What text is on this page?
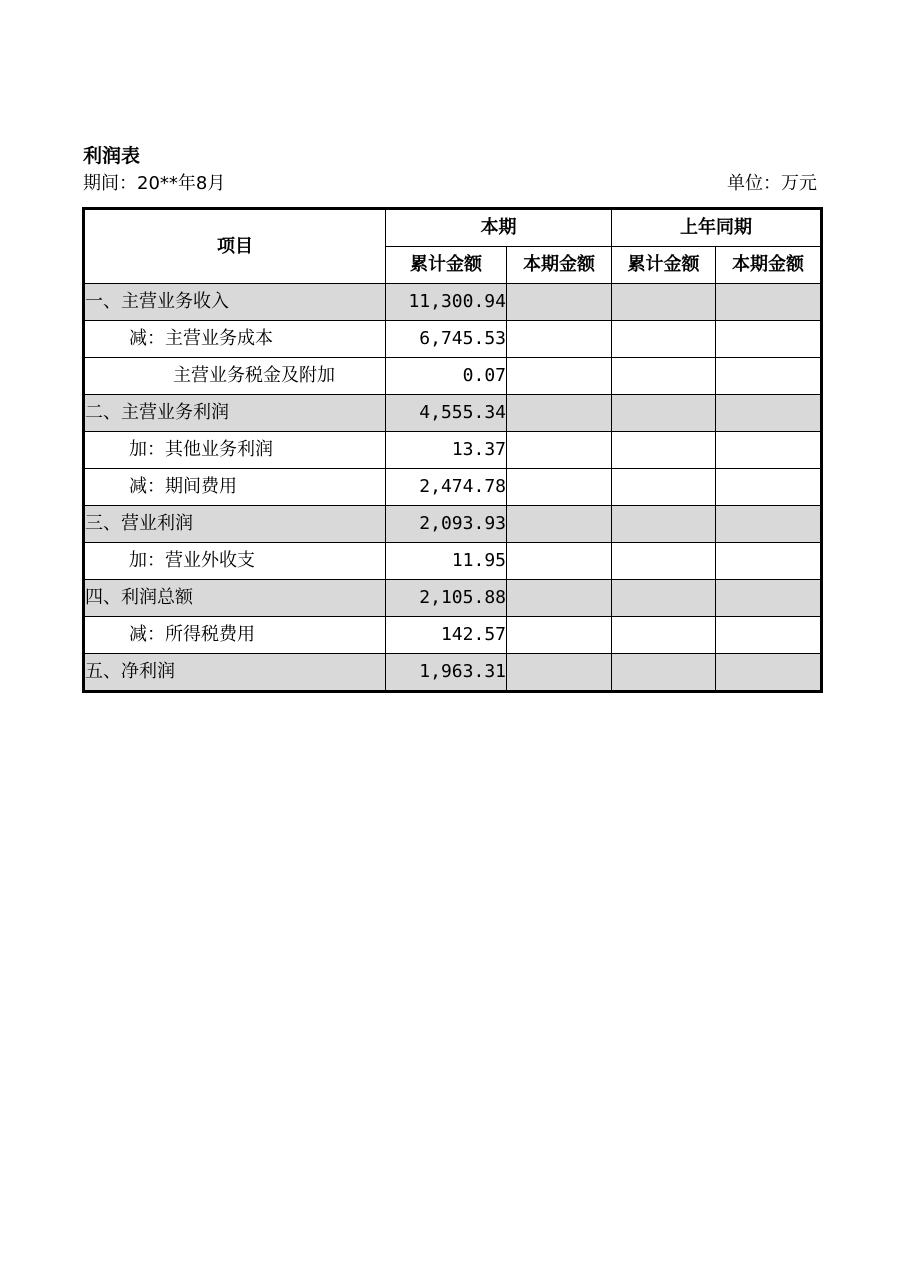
利润表
期间：20**年8月	单位：万元
项目	本期		上年同期	
	累计金额	本期金额	累计金额	本期金额
一、主营业务收入	11,300.94			
减：主营业务成本	6,745.53			
主营业务税金及附加	0.07			
二、主营业务利润	4,555.34			
加：其他业务利润	13.37			
减：期间费用	2,474.78			
三、营业利润	2,093.93			
加：营业外收支	11.95			
四、利润总额	2,105.88			
减：所得税费用	142.57			
五、净利润	1,963.31			
